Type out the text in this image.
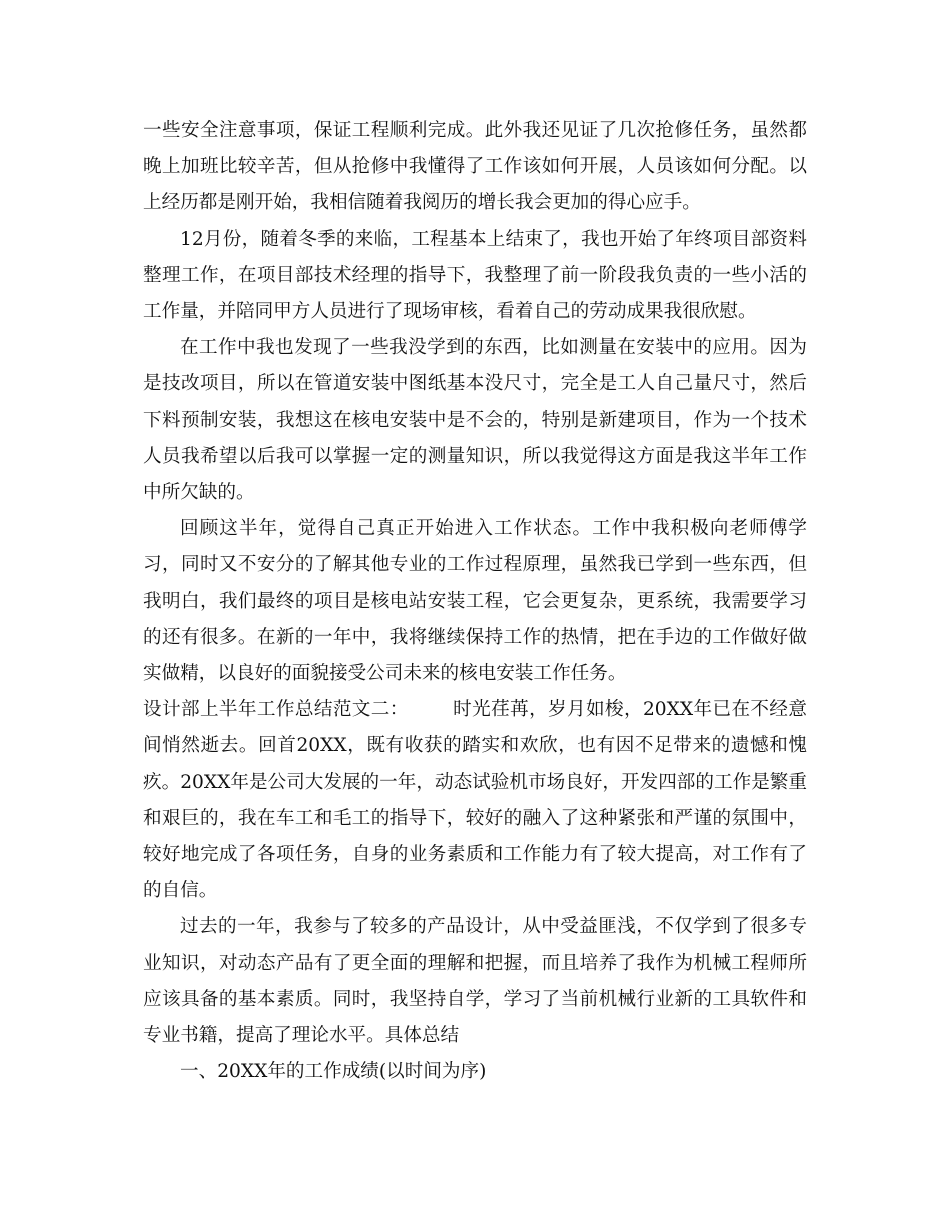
一些安全注意事项，保证工程顺利完成。此外我还见证了几次抢修任务，虽然都晚上加班比较辛苦，但从抢修中我懂得了工作该如何开展，人员该如何分配。以上经历都是刚开始，我相信随着我阅历的增长我会更加的得心应手。

12月份，随着冬季的来临，工程基本上结束了，我也开始了年终项目部资料整理工作，在项目部技术经理的指导下，我整理了前一阶段我负责的一些小活的工作量，并陪同甲方人员进行了现场审核，看着自己的劳动成果我很欣慰。

在工作中我也发现了一些我没学到的东西，比如测量在安装中的应用。因为是技改项目，所以在管道安装中图纸基本没尺寸，完全是工人自己量尺寸，然后下料预制安装，我想这在核电安装中是不会的，特别是新建项目，作为一个技术人员我希望以后我可以掌握一定的测量知识，所以我觉得这方面是我这半年工作中所欠缺的。

回顾这半年，觉得自己真正开始进入工作状态。工作中我积极向老师傅学习，同时又不安分的了解其他专业的工作过程原理，虽然我已学到一些东西，但我明白，我们最终的项目是核电站安装工程，它会更复杂，更系统，我需要学习的还有很多。在新的一年中，我将继续保持工作的热情，把在手边的工作做好做实做精，以良好的面貌接受公司未来的核电安装工作任务。

设计部上半年工作总结范文二： 时光荏苒，岁月如梭，20XX年已在不经意间悄然逝去。回首20XX，既有收获的踏实和欢欣，也有因不足带来的遗憾和愧疚。20XX年是公司大发展的一年，动态试验机市场良好，开发四部的工作是繁重和艰巨的，我在车工和毛工的指导下，较好的融入了这种紧张和严谨的氛围中，较好地完成了各项任务，自身的业务素质和工作能力有了较大提高，对工作有了的自信。

过去的一年，我参与了较多的产品设计，从中受益匪浅，不仅学到了很多专业知识，对动态产品有了更全面的理解和把握，而且培养了我作为机械工程师所应该具备的基本素质。同时，我坚持自学，学习了当前机械行业新的工具软件和专业书籍，提高了理论水平。具体总结

一、20XX年的工作成绩(以时间为序)
